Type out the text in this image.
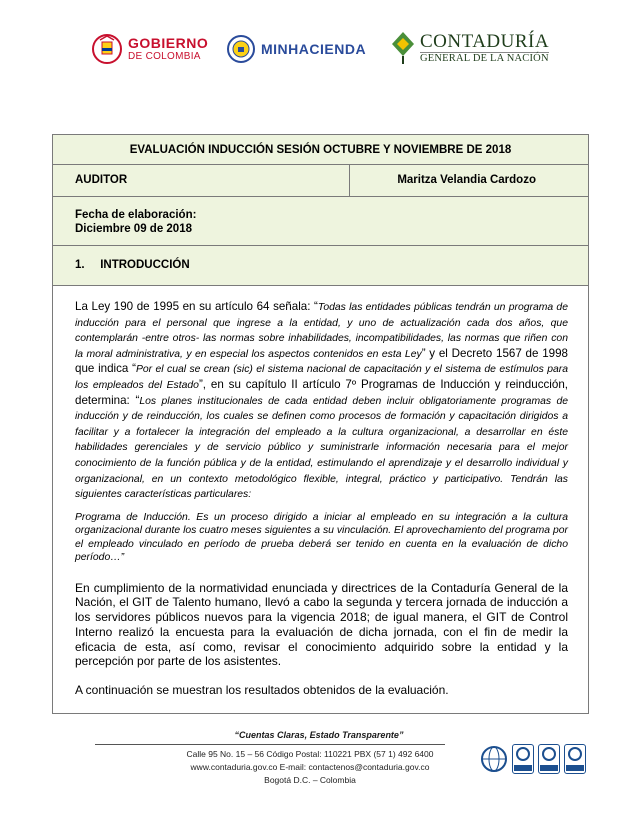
GOBIERNO
DE COLOMBIA	MINHACIENDA	CONTADURÍA
GENERAL DE LA NACIÓN
EVALUACIÓN INDUCCIÓN SESIÓN OCTUBRE Y NOVIEMBRE DE 2018
AUDITOR	Maritza Velandia Cardozo
Fecha de elaboración:
Diciembre 09 de 2018
1. INTRODUCCIÓN

La Ley 190 de 1995 en su artículo 64 señala: “Todas las entidades públicas tendrán un programa de inducción para el personal que ingrese a la entidad, y uno de actualización cada dos años, que contemplarán -entre otros- las normas sobre inhabilidades, incompatibilidades, las normas que riñen con la moral administrativa, y en especial los aspectos contenidos en esta Ley” y el Decreto 1567 de 1998 que indica “Por el cual se crean (sic) el sistema nacional de capacitación y el sistema de estímulos para los empleados del Estado”, en su capítulo II artículo 7º Programas de Inducción y reinducción, determina: “Los planes institucionales de cada entidad deben incluir obligatoriamente programas de inducción y de reinducción, los cuales se definen como procesos de formación y capacitación dirigidos a facilitar y a fortalecer la integración del empleado a la cultura organizacional, a desarrollar en éste habilidades gerenciales y de servicio público y suministrarle información necesaria para el mejor conocimiento de la función pública y de la entidad, estimulando el aprendizaje y el desarrollo individual y organizacional, en un contexto metodológico flexible, integral, práctico y participativo. Tendrán las siguientes características particulares:

Programa de Inducción. Es un proceso dirigido a iniciar al empleado en su integración a la cultura organizacional durante los cuatro meses siguientes a su vinculación. El aprovechamiento del programa por el empleado vinculado en período de prueba deberá ser tenido en cuenta en la evaluación de dicho período…”

En cumplimiento de la normatividad enunciada y directrices de la Contaduría General de la Nación, el GIT de Talento humano, llevó a cabo la segunda y tercera jornada de inducción a los servidores públicos nuevos para la vigencia 2018; de igual manera, el GIT de Control Interno realizó la encuesta para la evaluación de dicha jornada, con el fin de medir la eficacia de esta, así como, revisar el conocimiento adquirido sobre la entidad y la percepción por parte de los asistentes.

A continuación se muestran los resultados obtenidos de la evaluación.

“Cuentas Claras, Estado Transparente”
Calle 95 No. 15 – 56 Código Postal: 110221 PBX (57 1) 492 6400
www.contaduria.gov.co E-mail: contactenos@contaduria.gov.co
Bogotá D.C. – Colombia
